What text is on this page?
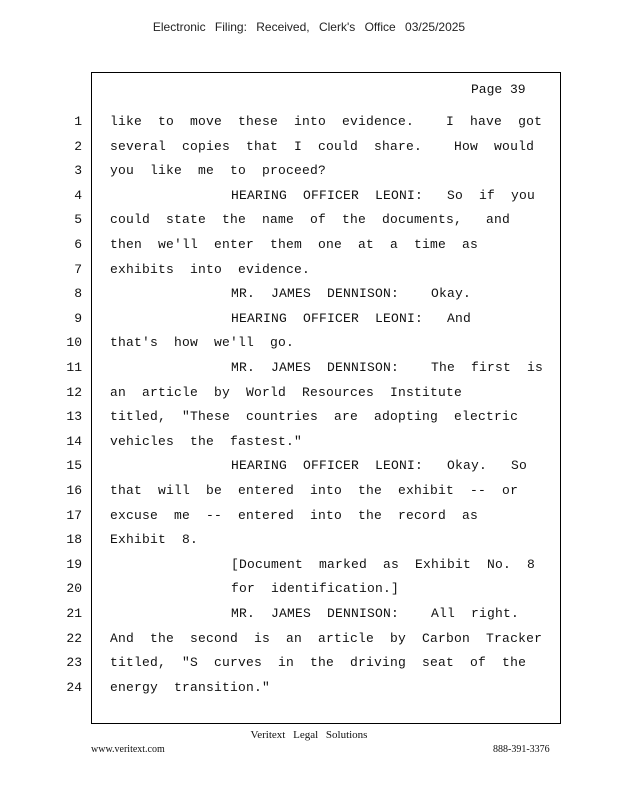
Electronic Filing: Received, Clerk's Office 03/25/2025
Page 39
1 like  to  move  these  into  evidence.    I  have  got
2 several  copies  that  I  could  share.    How  would
3 you  like  me  to  proceed?
4	HEARING  OFFICER  LEONI:   So  if  you
5 could  state  the  name  of  the  documents,   and
6 then  we'll  enter  them  one  at  a  time  as
7 exhibits  into  evidence.
8	MR.  JAMES  DENNISON:    Okay.
9	HEARING  OFFICER  LEONI:   And
10 that's  how  we'll  go.
11	MR.  JAMES  DENNISON:    The  first  is
12 an  article  by  World  Resources  Institute
13 titled,  "These  countries  are  adopting  electric
14 vehicles  the  fastest."
15	HEARING  OFFICER  LEONI:   Okay.   So
16 that  will  be  entered  into  the  exhibit  --  or
17 excuse  me  --  entered  into  the  record  as
18 Exhibit  8.
19	[Document  marked  as  Exhibit  No.  8
20	for  identification.]
21	MR.  JAMES  DENNISON:    All  right.
22 And  the  second  is  an  article  by  Carbon  Tracker
23 titled,  "S  curves  in  the  driving  seat  of  the
24 energy  transition."
Veritext Legal Solutions
www.veritext.com	888-391-3376
